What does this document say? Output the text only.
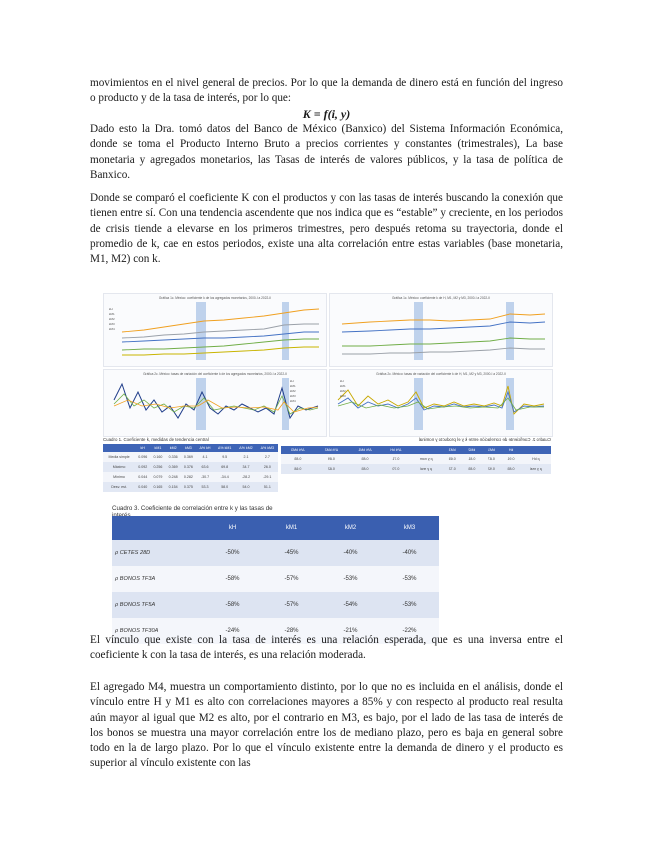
movimientos en el nivel general de precios. Por lo que la demanda de dinero está en función del ingreso o producto y de la tasa de interés, por lo que:

K = f(i, y)

Dado esto la Dra. tomó datos del Banco de México (Banxico) del Sistema Información Económica, donde se toma el Producto Interno Bruto a precios corrientes y constantes (trimestrales), La base monetaria y agregados monetarios, las Tasas de interés de valores públicos, y la tasa de política de Banxico.

Donde se comparó el coeficiente K con el productos y con las tasas de interés buscando la conexión que tienen entre sí. Con una tendencia ascendente que nos indica que es “estable” y creciente, en los periodos de crisis tiende a elevarse en los primeros trimestres, pero después retoma su trayectoria, donde el promedio de k, cae en estos periodos, existe una alta correlación entre estas variables (base monetaria, M1, M2) con k.

Gráfica 1c. México: coeficiente k de los agregados monetarios, 2000-I a 2022-II
kH
kM1
kM2
kM3
kM4
Gráfica 1c. México: coeficiente k de H, M1, M2 y M3, 2000-I a 2022-II
Gráfica 2c. México: tasas de variación del coeficiente k de los agregados monetarios, 2000-I a 2022-II
kH
kM1
kM2
kM3
kM4
Gráfica 2c. México: tasas de variación del coeficiente k de H, M1, M2 y M3, 2000-I a 2022-II
kH
kM1
kM2
kM3
Cuadro 1. Coeficiente k, medidas de tendencia central
	kH	kM1	kM2	kM3	Δ% kH	Δ% kM1	Δ% kM2	Δ% kM3
Media simple	0.096	0.160	0.336	0.369	4.1	9.5	2.1	2.7
Máximo	0.092	0.256	0.369	0.376	63.6	69.8	34.7	26.0
Mínimo	0.044	0.079	0.248	0.282	-30.7	-34.4	-28.2	-29.1
Desv. est.	0.040	0.165	0.154	0.375	53.3	58.0	54.0	51.1
Cuadro 2. Coeficiente de correlación entre k y el producto y nominal
	kH	kM1	kM2	kM3		Δ% kH	Δ% kM1	Δ% kM2	Δ% kM3
ρ kH	0.91	0.87	0.81	0.65	ρ y nom	0.71	0.85	0.89	0.85
ρ y real	0.85	0.92	0.85	0.72	ρ y real	0.70	0.85	0.82	0.68
Cuadro 3. Coeficiente de correlación entre k y las tasas de
	kH	kM1	kM2	kM3
ρ CETES 28D	-50%	-45%	-40%	-40%
ρ BONOS TF3A	-58%	-57%	-53%	-53%
ρ BONOS TF5A	-58%	-57%	-54%	-53%
ρ BONOS TF30A	-24%	-28%	-21%	-22%

El vínculo que existe con la tasa de interés es una relación esperada, que es una inversa entre el coeficiente k con la tasa de interés, es una relación moderada.

El agregado M4, muestra un comportamiento distinto, por lo que no es incluida en el análisis, donde el vínculo entre H y M1 es alto con correlaciones mayores a 85% y con respecto al producto real resulta aún mayor al igual que M2 es alto, por el contrario en M3, es bajo, por el lado de las tasa de interés de los bonos se muestra una mayor correlación entre los de mediano plazo, pero es baja en general sobre todo en la de largo plazo. Por lo que el vínculo existente entre la demanda de dinero y el producto es superior al vínculo existente con las
